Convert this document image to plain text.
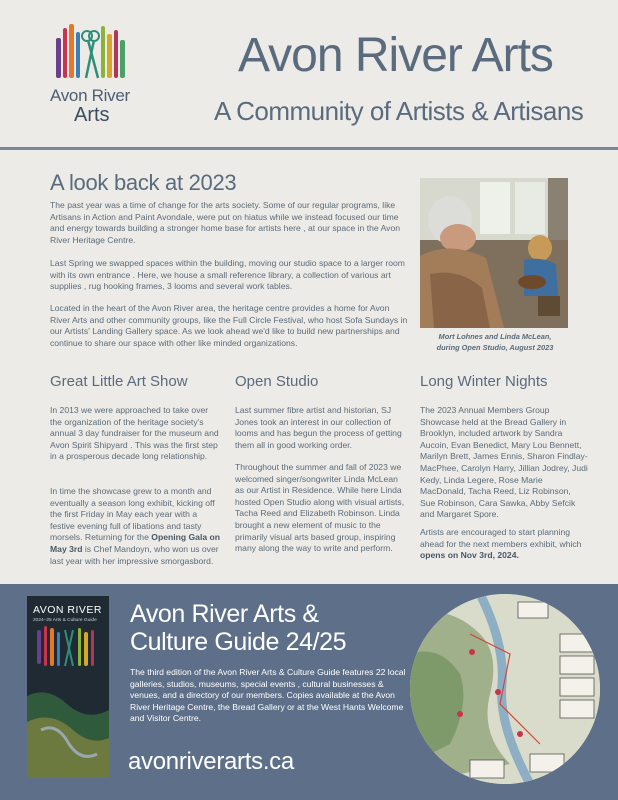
Avon River
Arts
Avon River Arts
A Community of Artists & Artisans
A look back at 2023

The past year was a time of change for the arts society. Some of our regular programs, like Artisans in Action and Paint Avondale, were put on hiatus while we instead focused our time and energy towards building a stronger home base for artists here , at our space in the Avon River Heritage Centre.

Last Spring we swapped spaces within the building, moving our studio space to a larger room with its own entrance . Here, we house a small reference library, a collection of various art supplies , rug hooking frames, 3 looms and several work tables.

Located in the heart of the Avon River area, the heritage centre provides a home for Avon River Arts and other community groups, like the Full Circle Festival, who host Sofa Sundays in our Artists' Landing Gallery space. As we look ahead we'd like to build new partnerships and continue to share our space with other like minded organizations.

Mort Lohnes and Linda McLean,
during Open Studio, August 2023
Great Little Art Show

In 2013 we were approached to take over the organization of the heritage society's annual 3 day fundraiser for the museum and Avon Spirit Shipyard . This was the first step in a prosperous decade long relationship.

In time the showcase grew to a month and eventually a season long exhibit, kicking off the first Friday in May each year with a festive evening full of libations and tasty morsels. Returning for the Opening Gala on May 3rd is Chef Mandoyn, who won us over last year with her impressive smorgasbord.

Open Studio

Last summer fibre artist and historian, SJ Jones took an interest in our collection of looms and has begun the process of getting them all in good working order.

Throughout the summer and fall of 2023 we welcomed singer/songwriter Linda McLean as our Artist in Residence. While here Linda hosted Open Studio along with visual artists, Tacha Reed and Elizabeth Robinson. Linda brought a new element of music to the primarily visual arts based group, inspiring many along the way to write and perform.

Long Winter Nights

The 2023 Annual Members Group Showcase held at the Bread Gallery in Brooklyn, included artwork by Sandra Aucoin, Evan Benedict, Mary Lou Bennett, Marilyn Brett, James Ennis, Sharon Findlay-MacPhee, Carolyn Harry, Jillian Jodrey, Judi Kedy, Linda Legere, Rose Marie MacDonald, Tacha Reed, Liz Robinson, Sue Robinson, Cara Sawka, Abby Sefcik and Margaret Spore.

Artists are encouraged to start planning ahead for the next members exhibit, which opens on Nov 3rd, 2024.

AVON RIVER
2024–25 Arts & Culture Guide Avon River Arts &
Culture Guide 24/25

The third edition of the Avon River Arts & Culture Guide features 22 local galleries, studios, museums, special events , cultural businesses & venues, and a directory of our members. Copies available at the Avon River Heritage Centre, the Bread Gallery or at the West Hants Welcome and Visitor Centre.

avonriverarts.ca
